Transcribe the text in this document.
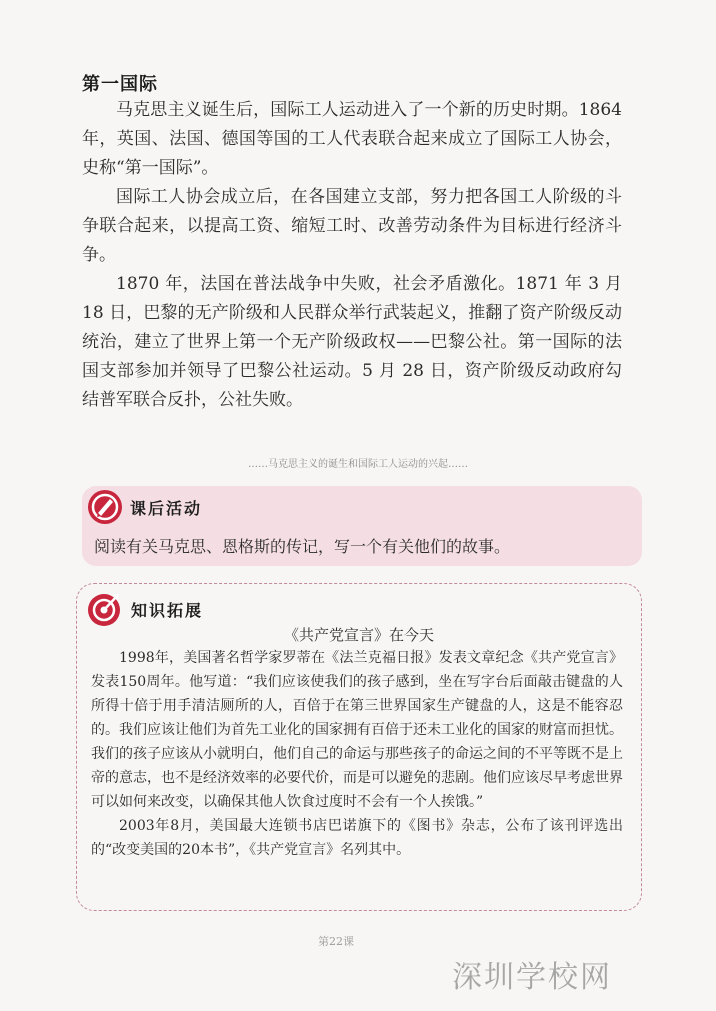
第一国际

马克思主义诞生后，国际工人运动进入了一个新的历史时期。1864 年，英国、法国、德国等国的工人代表联合起来成立了国际工人协会，史称“第一国际”。

国际工人协会成立后，在各国建立支部，努力把各国工人阶级的斗争联合起来，以提高工资、缩短工时、改善劳动条件为目标进行经济斗争。

1870 年，法国在普法战争中失败，社会矛盾激化。1871 年 3 月 18 日，巴黎的无产阶级和人民群众举行武装起义，推翻了资产阶级反动统治，建立了世界上第一个无产阶级政权——巴黎公社。第一国际的法国支部参加并领导了巴黎公社运动。5 月 28 日，资产阶级反动政府勾结普军联合反扑，公社失败。

……马克思主义的诞生和国际工人运动的兴起……
课后活动
阅读有关马克思、恩格斯的传记，写一个有关他们的故事。
知识拓展
《共产党宣言》在今天

1998年，美国著名哲学家罗蒂在《法兰克福日报》发表文章纪念《共产党宣言》发表150周年。他写道：“我们应该使我们的孩子感到，坐在写字台后面敲击键盘的人所得十倍于用手清洁厕所的人，百倍于在第三世界国家生产键盘的人，这是不能容忍的。我们应该让他们为首先工业化的国家拥有百倍于还未工业化的国家的财富而担忧。我们的孩子应该从小就明白，他们自己的命运与那些孩子的命运之间的不平等既不是上帝的意志，也不是经济效率的必要代价，而是可以避免的悲剧。他们应该尽早考虑世界可以如何来改变，以确保其他人饮食过度时不会有一个人挨饿。”

2003年8月，美国最大连锁书店巴诺旗下的《图书》杂志，公布了该刊评选出的“改变美国的20本书”，《共产党宣言》名列其中。

第22课
深圳学校网
